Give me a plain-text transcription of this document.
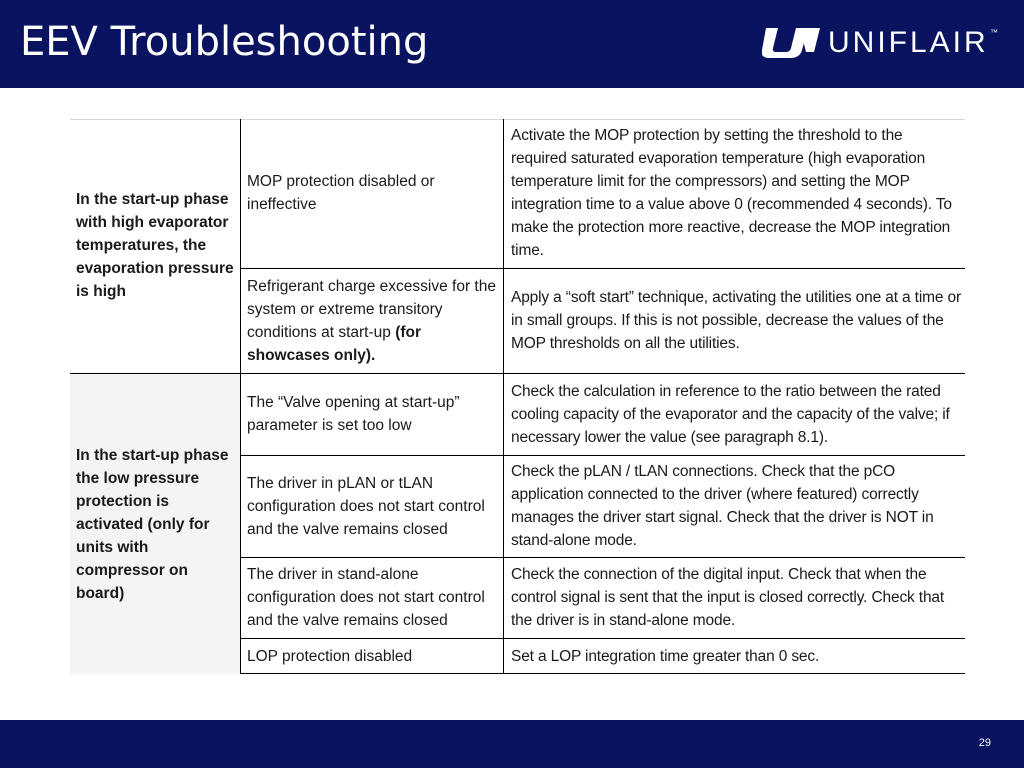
EEV Troubleshooting	UNIFLAIR ™
In the start-up phase with high evaporator temperatures, the evaporation pressure is high
MOP protection disabled or ineffective
Activate the MOP protection by setting the threshold to the required saturated evaporation temperature (high evaporation temperature limit for the compressors) and setting the MOP integration time to a value above 0 (recommended 4 seconds). To make the protection more reactive, decrease the MOP integration time.
Refrigerant charge excessive for the system or extreme transitory conditions at start-up (for showcases only).
Apply a “soft start” technique, activating the utilities one at a time or in small groups. If this is not possible, decrease the values of the MOP thresholds on all the utilities.
In the start-up phase the low pressure protection is activated (only for units with compressor on board)
The “Valve opening at start-up” parameter is set too low
Check the calculation in reference to the ratio between the rated cooling capacity of the evaporator and the capacity of the valve; if necessary lower the value (see paragraph 8.1).
The driver in pLAN or tLAN configuration does not start control and the valve remains closed
Check the pLAN / tLAN connections. Check that the pCO application connected to the driver (where featured) correctly manages the driver start signal. Check that the driver is NOT in stand-alone mode.
The driver in stand-alone configuration does not start control and the valve remains closed
Check the connection of the digital input. Check that when the control signal is sent that the input is closed correctly. Check that the driver is in stand-alone mode.
LOP protection disabled	Set a LOP integration time greater than 0 sec.
29
